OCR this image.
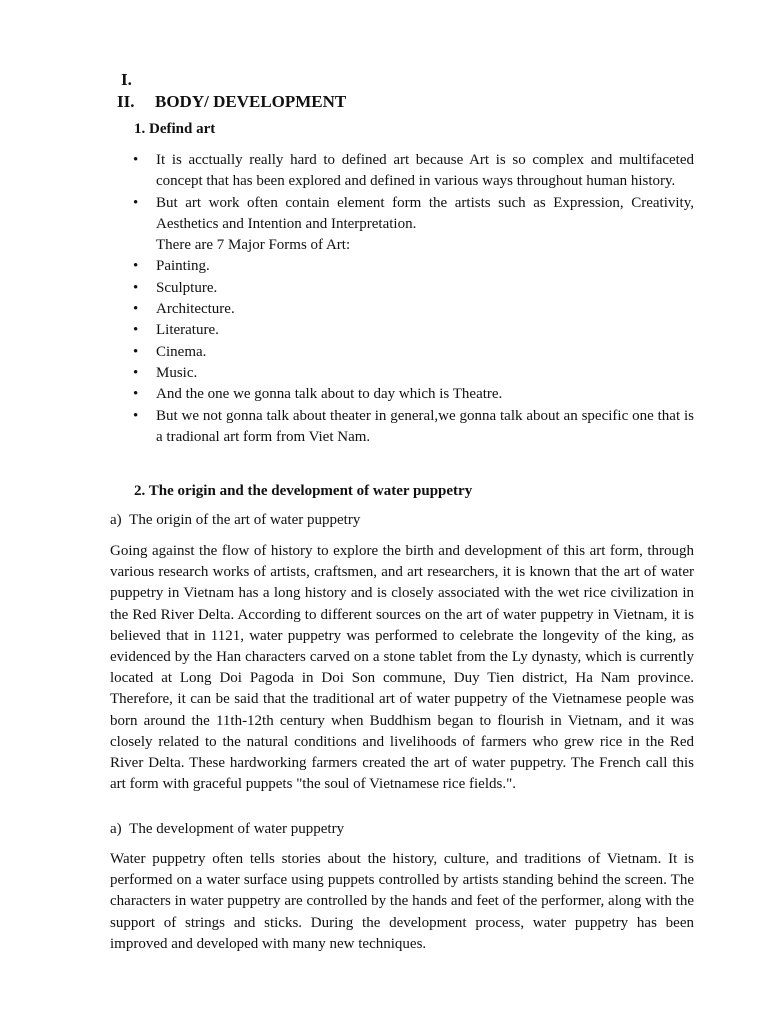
I.
II. BODY/ DEVELOPMENT
1. Defind art
• It is acctually really hard to defined art because Art is so complex and multifaceted concept that has been explored and defined in various ways throughout human history.
• But art work often contain element form the artists such as Expression, Creativity, Aesthetics and Intention and Interpretation.
There are 7 Major Forms of Art:
• Painting.
• Sculpture.
• Architecture.
• Literature.
• Cinema.
• Music.
• And the one we gonna talk about to day which is Theatre.
• But we not gonna talk about theater in general,we gonna talk about an specific one that is a tradional art form from Viet Nam.
2. The origin and the development of water puppetry
a)  The origin of the art of water puppetry

Going against the flow of history to explore the birth and development of this art form, through various research works of artists, craftsmen, and art researchers, it is known that the art of water puppetry in Vietnam has a long history and is closely associated with the wet rice civilization in the Red River Delta. According to different sources on the art of water puppetry in Vietnam, it is believed that in 1121, water puppetry was performed to celebrate the longevity of the king, as evidenced by the Han characters carved on a stone tablet from the Ly dynasty, which is currently located at Long Doi Pagoda in Doi Son commune, Duy Tien district, Ha Nam province. Therefore, it can be said that the traditional art of water puppetry of the Vietnamese people was born around the 11th-12th century when Buddhism began to flourish in Vietnam, and it was closely related to the natural conditions and livelihoods of farmers who grew rice in the Red River Delta. These hardworking farmers created the art of water puppetry. The French call this art form with graceful puppets "the soul of Vietnamese rice fields.".

a)  The development of water puppetry

Water puppetry often tells stories about the history, culture, and traditions of Vietnam. It is performed on a water surface using puppets controlled by artists standing behind the screen. The characters in water puppetry are controlled by the hands and feet of the performer, along with the support of strings and sticks. During the development process, water puppetry has been improved and developed with many new techniques.
